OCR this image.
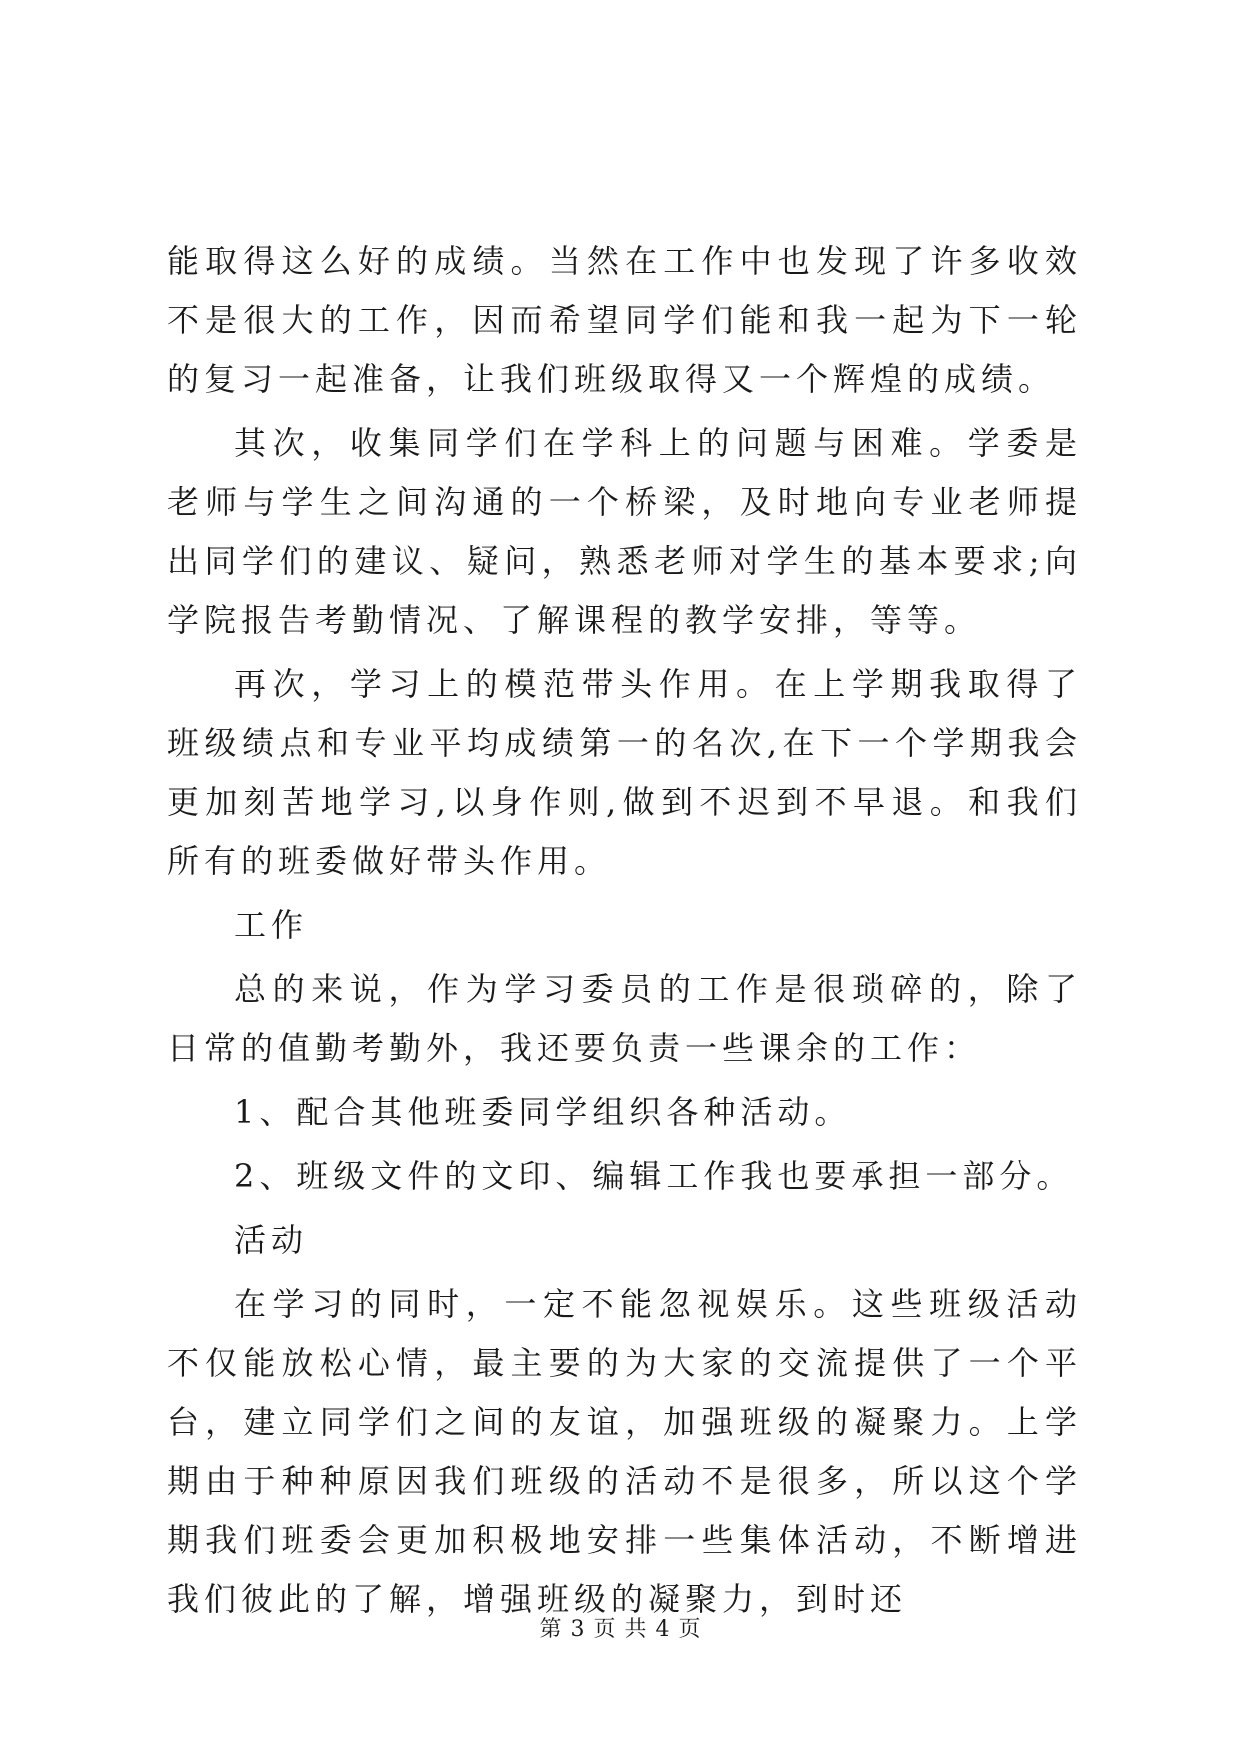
能取得这么好的成绩。当然在工作中也发现了许多收效不是很大的工作，因而希望同学们能和我一起为下一轮的复习一起准备，让我们班级取得又一个辉煌的成绩。

其次，收集同学们在学科上的问题与困难。学委是老师与学生之间沟通的一个桥梁，及时地向专业老师提出同学们的建议、疑问，熟悉老师对学生的基本要求;向学院报告考勤情况、了解课程的教学安排，等等。

再次，学习上的模范带头作用。在上学期我取得了班级绩点和专业平均成绩第一的名次,在下一个学期我会更加刻苦地学习,以身作则,做到不迟到不早退。和我们所有的班委做好带头作用。

工作

总的来说，作为学习委员的工作是很琐碎的，除了日常的值勤考勤外，我还要负责一些课余的工作：

1、配合其他班委同学组织各种活动。

2、班级文件的文印、编辑工作我也要承担一部分。

活动

在学习的同时，一定不能忽视娱乐。这些班级活动不仅能放松心情，最主要的为大家的交流提供了一个平台，建立同学们之间的友谊，加强班级的凝聚力。上学期由于种种原因我们班级的活动不是很多，所以这个学期我们班委会更加积极地安排一些集体活动，不断增进我们彼此的了解，增强班级的凝聚力，到时还

第 3 页 共 4 页
